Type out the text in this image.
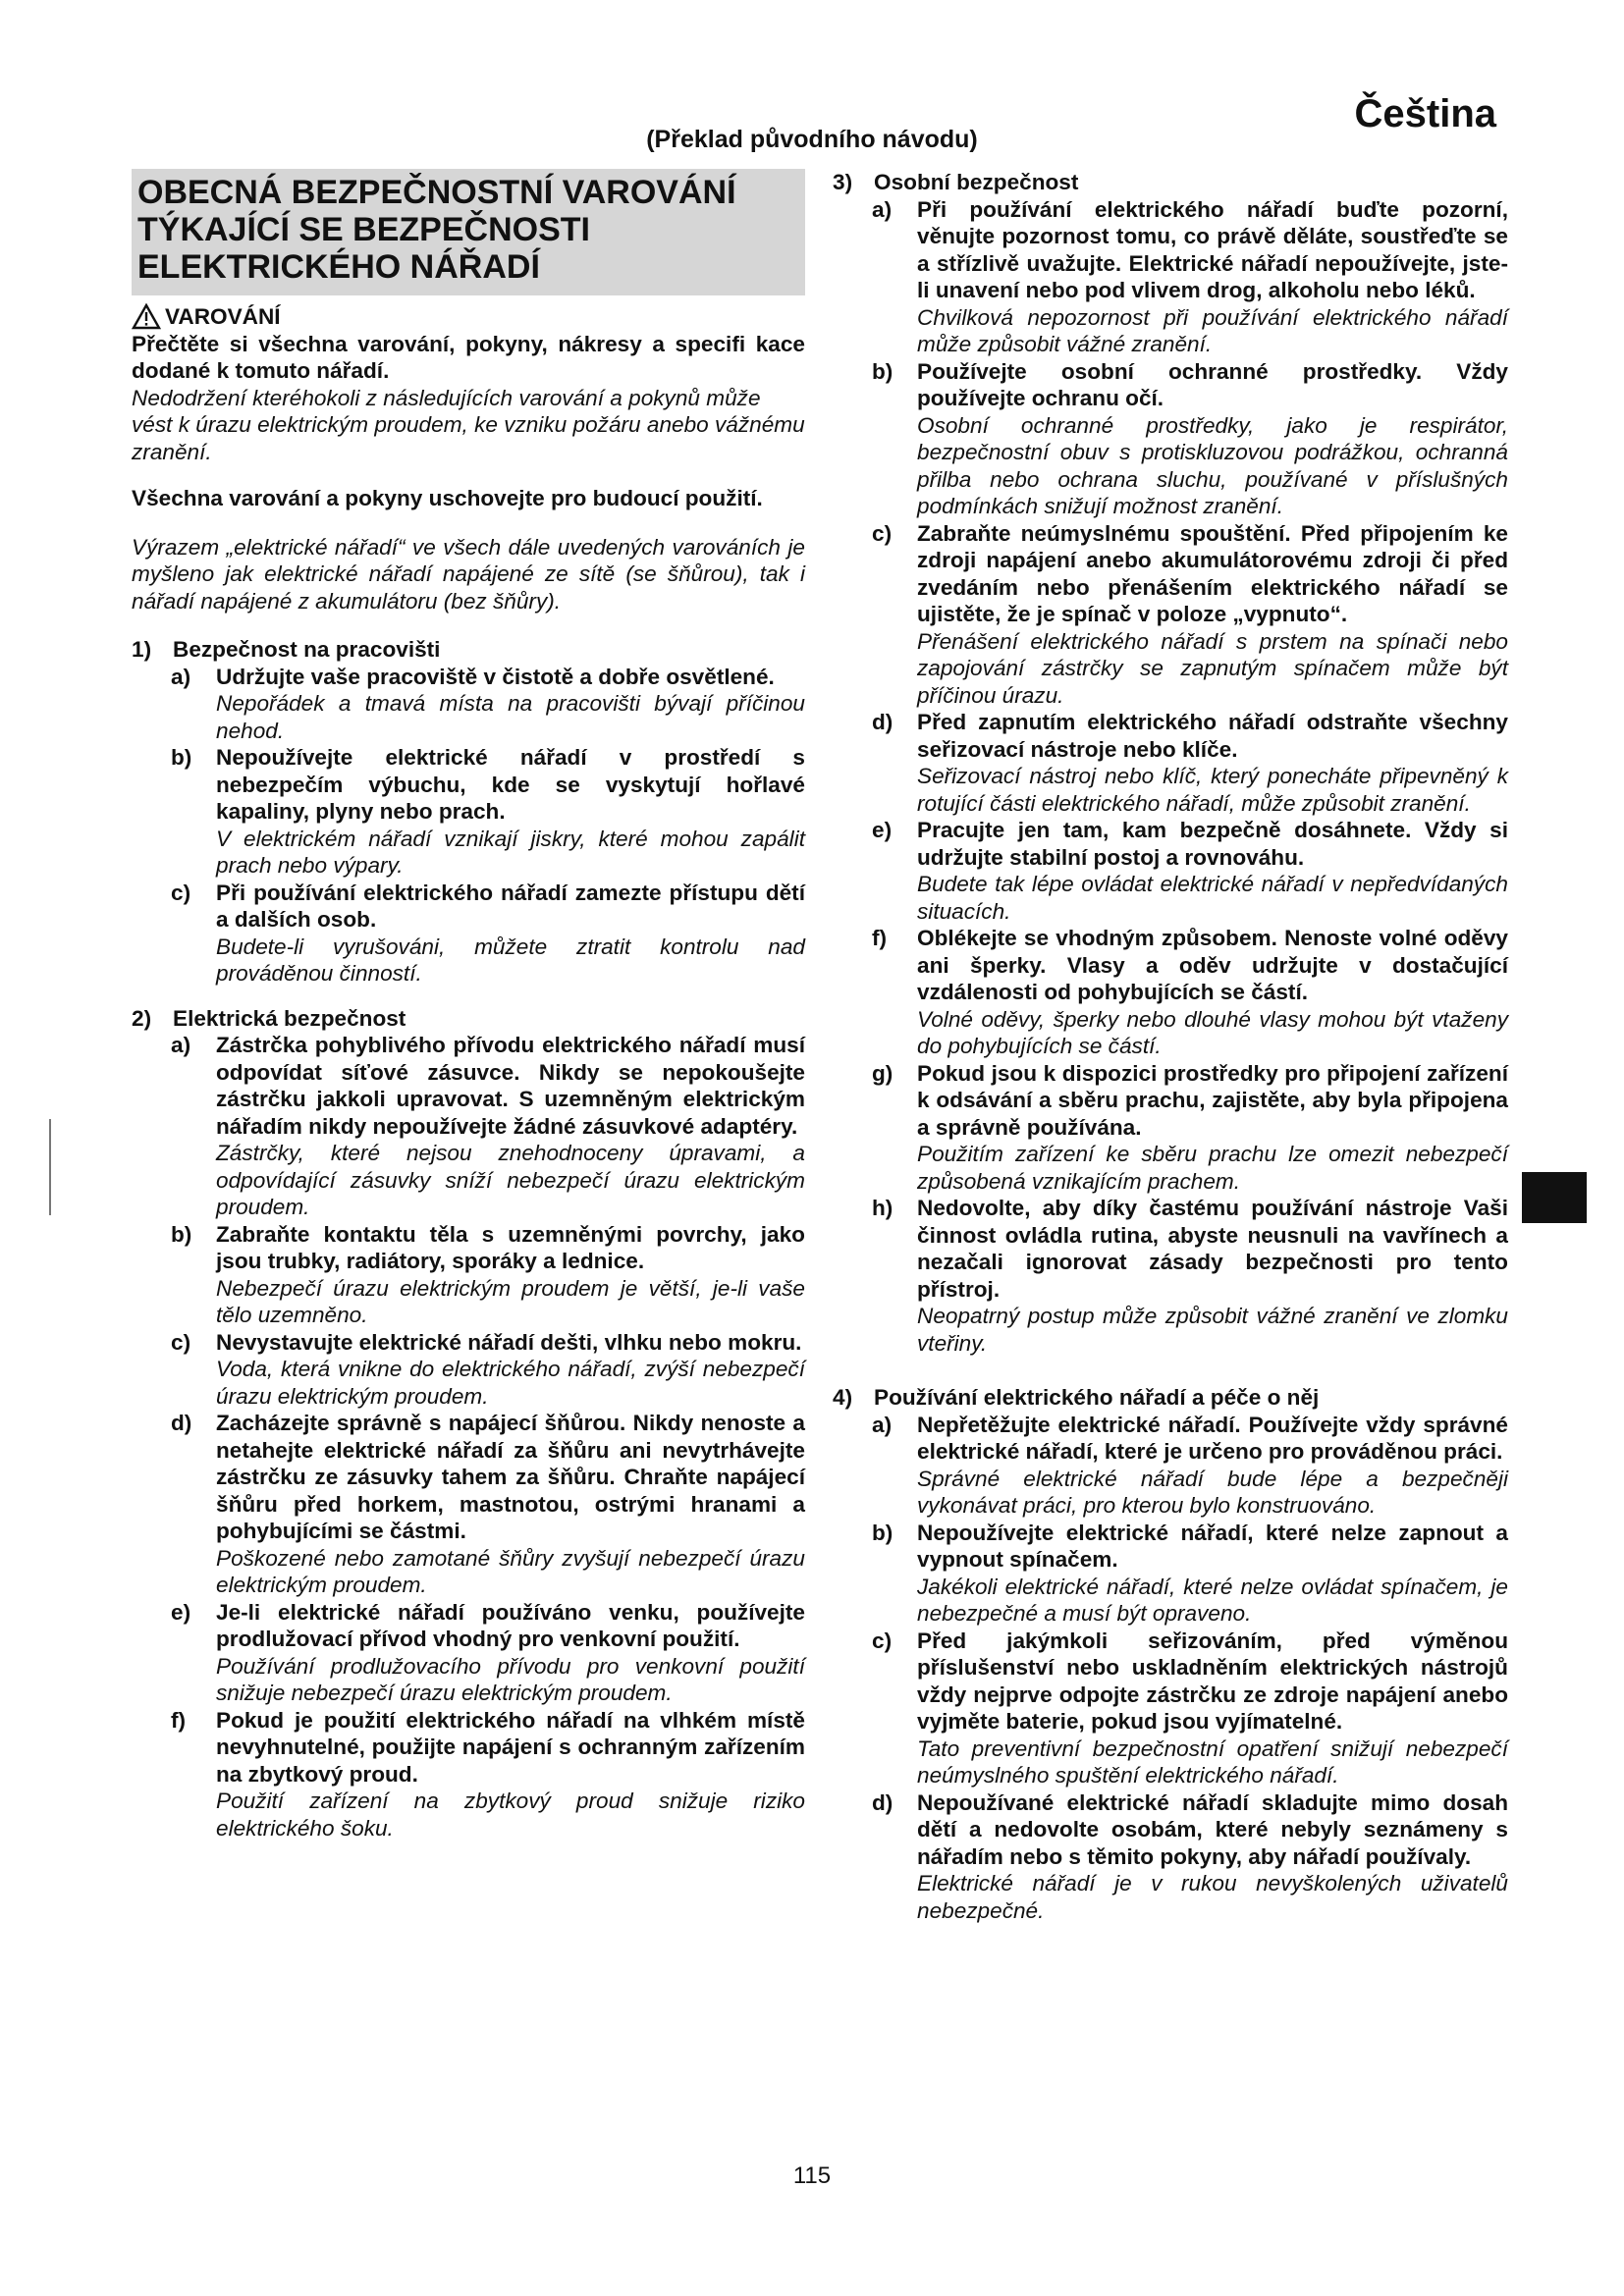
(Překlad původního návodu)
Čeština
115
OBECNÁ BEZPEČNOSTNÍ VAROVÁNÍ
TÝKAJÍCÍ SE BEZPEČNOSTI
ELEKTRICKÉHO NÁŘADÍ
VAROVÁNÍ

Přečtěte si všechna varování, pokyny, nákresy a specifi kace dodané k tomuto nářadí.

Nedodržení kteréhokoli z následujících varování a pokynů může vést k úrazu elektrickým proudem, ke vzniku požáru anebo vážnému zranění.

Všechna varování a pokyny uschovejte pro budoucí použití.

Výrazem „elektrické nářadí“ ve všech dále uvedených varováních je myšleno jak elektrické nářadí napájené ze sítě (se šňůrou), tak i nářadí napájené z akumulátoru (bez šňůry).

1) Bezpečnost na pracovišti
a)	Udržujte vaše pracoviště v čistotě a dobře osvětlené.

Nepořádek a tmavá místa na pracovišti bývají příčinou nehod.

b)	Nepoužívejte elektrické nářadí v prostředí s nebezpečím výbuchu, kde se vyskytují hořlavé kapaliny, plyny nebo prach.

V elektrickém nářadí vznikají jiskry, které mohou zapálit prach nebo výpary.

c)	Při používání elektrického nářadí zamezte přístupu dětí a dalších osob.

Budete-li vyrušováni, můžete ztratit kontrolu nad prováděnou činností.

2) Elektrická bezpečnost
a)	Zástrčka pohyblivého přívodu elektrického nářadí musí odpovídat síťové zásuvce. Nikdy se nepokoušejte zástrčku jakkoli upravovat. S uzemněným elektrickým nářadím nikdy nepoužívejte žádné zásuvkové adaptéry.

Zástrčky, které nejsou znehodnoceny úpravami, a odpovídající zásuvky sníží nebezpečí úrazu elektrickým proudem.

b)	Zabraňte kontaktu těla s uzemněnými povrchy, jako jsou trubky, radiátory, sporáky a lednice.

Nebezpečí úrazu elektrickým proudem je větší, je-li vaše tělo uzemněno.

c)	Nevystavujte elektrické nářadí dešti, vlhku nebo mokru.

Voda, která vnikne do elektrického nářadí, zvýší nebezpečí úrazu elektrickým proudem.

d)	Zacházejte správně s napájecí šňůrou. Nikdy nenoste a netahejte elektrické nářadí za šňůru ani nevytrhávejte zástrčku ze zásuvky tahem za šňůru. Chraňte napájecí šňůru před horkem, mastnotou, ostrými hranami a pohybujícími se částmi.

Poškozené nebo zamotané šňůry zvyšují nebezpečí úrazu elektrickým proudem.

e)	Je-li elektrické nářadí používáno venku, používejte prodlužovací přívod vhodný pro venkovní použití.

Používání prodlužovacího přívodu pro venkovní použití snižuje nebezpečí úrazu elektrickým proudem.

f)	Pokud je použití elektrického nářadí na vlhkém místě nevyhnutelné, použijte napájení s ochranným zařízením na zbytkový proud.

Použití zařízení na zbytkový proud snižuje riziko elektrického šoku.

3) Osobní bezpečnost
a)	Při používání elektrického nářadí buďte pozorní, věnujte pozornost tomu, co právě děláte, soustřeďte se a střízlivě uvažujte. Elektrické nářadí nepoužívejte, jste-li unavení nebo pod vlivem drog, alkoholu nebo léků.

Chvilková nepozornost při používání elektrického nářadí může způsobit vážné zranění.

b)	Používejte osobní ochranné prostředky. Vždy používejte ochranu očí.

Osobní ochranné prostředky, jako je respirátor, bezpečnostní obuv s protiskluzovou podrážkou, ochranná přilba nebo ochrana sluchu, používané v příslušných podmínkách snižují možnost zranění.

c)	Zabraňte neúmyslnému spouštění. Před připojením ke zdroji napájení anebo akumulátorovému zdroji či před zvedáním nebo přenášením elektrického nářadí se ujistěte, že je spínač v poloze „vypnuto“.

Přenášení elektrického nářadí s prstem na spínači nebo zapojování zástrčky se zapnutým spínačem může být příčinou úrazu.

d)	Před zapnutím elektrického nářadí odstraňte všechny seřizovací nástroje nebo klíče.

Seřizovací nástroj nebo klíč, který ponecháte připevněný k rotující části elektrického nářadí, může způsobit zranění.

e)	Pracujte jen tam, kam bezpečně dosáhnete. Vždy si udržujte stabilní postoj a rovnováhu.

Budete tak lépe ovládat elektrické nářadí v nepředvídaných situacích.

f)	Oblékejte se vhodným způsobem. Nenoste volné oděvy ani šperky. Vlasy a oděv udržujte v dostačující vzdálenosti od pohybujících se částí.

Volné oděvy, šperky nebo dlouhé vlasy mohou být vtaženy do pohybujících se částí.

g)	Pokud jsou k dispozici prostředky pro připojení zařízení k odsávání a sběru prachu, zajistěte, aby byla připojena a správně používána.

Použitím zařízení ke sběru prachu lze omezit nebezpečí způsobená vznikajícím prachem.

h)	Nedovolte, aby díky častému používání nástroje Vaši činnost ovládla rutina, abyste neusnuli na vavřínech a nezačali ignorovat zásady bezpečnosti pro tento přístroj.

Neopatrný postup může způsobit vážné zranění ve zlomku vteřiny.

4) Používání elektrického nářadí a péče o něj
a)	Nepřetěžujte elektrické nářadí. Používejte vždy správné elektrické nářadí, které je určeno pro prováděnou práci.

Správné elektrické nářadí bude lépe a bezpečněji vykonávat práci, pro kterou bylo konstruováno.

b)	Nepoužívejte elektrické nářadí, které nelze zapnout a vypnout spínačem.

Jakékoli elektrické nářadí, které nelze ovládat spínačem, je nebezpečné a musí být opraveno.

c)	Před jakýmkoli seřizováním, před výměnou příslušenství nebo uskladněním elektrických nástrojů vždy nejprve odpojte zástrčku ze zdroje napájení anebo vyjměte baterie, pokud jsou vyjímatelné.

Tato preventivní bezpečnostní opatření snižují nebezpečí neúmyslného spuštění elektrického nářadí.

d)	Nepoužívané elektrické nářadí skladujte mimo dosah dětí a nedovolte osobám, které nebyly seznámeny s nářadím nebo s těmito pokyny, aby nářadí používaly.

Elektrické nářadí je v rukou nevyškolených uživatelů nebezpečné.
